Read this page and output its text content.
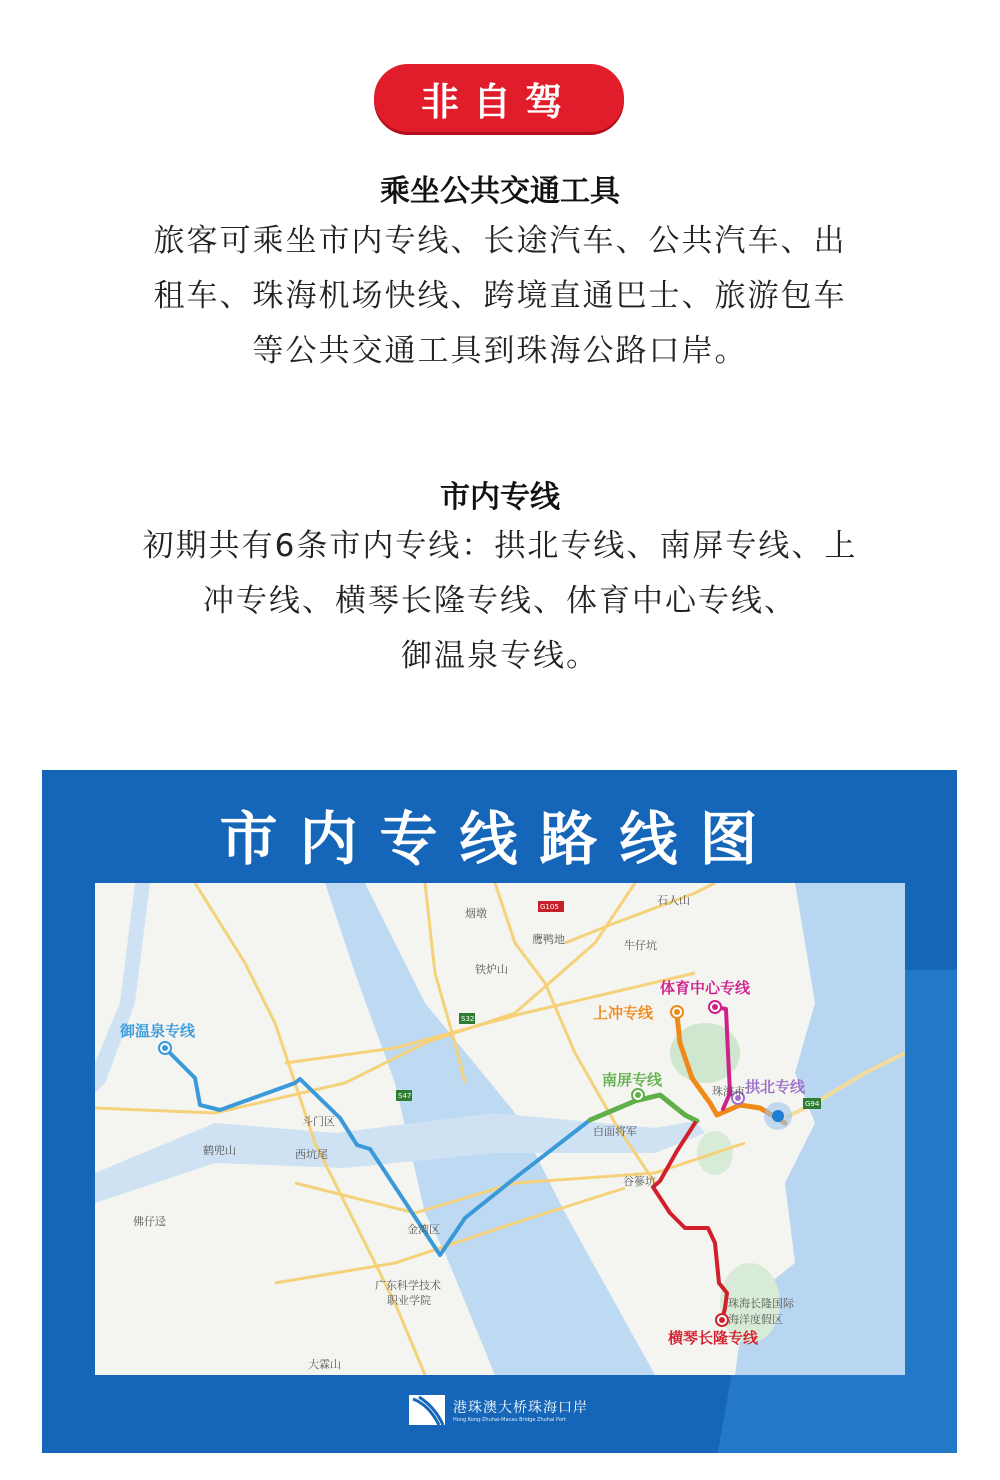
非自驾
乘坐公共交通工具
旅客可乘坐市内专线、长途汽车、公共汽车、出
租车、珠海机场快线、跨境直通巴士、旅游包车
等公共交通工具到珠海公路口岸。
市内专线
初期共有6条市内专线：拱北专线、南屏专线、上
冲专线、横琴长隆专线、体育中心专线、
御温泉专线。
市内专线路线图
御温泉专线
体育中心专线
上冲专线
南屏专线	拱北专线
横琴长隆专线
烟墩
鹰鸭地
石人山
牛仔坑
铁炉山
斗门区
鹤兜山	西坑尾
佛仔迳
金湾区
广东科学技术
职业学院
大霖山
白面将军
谷篸坑
珠海市
珠海长隆国际
海洋度假区
G105
S32
S47
G94
港珠澳大桥珠海口岸
Hong Kong-Zhuhai-Macau Bridge Zhuhai Port
